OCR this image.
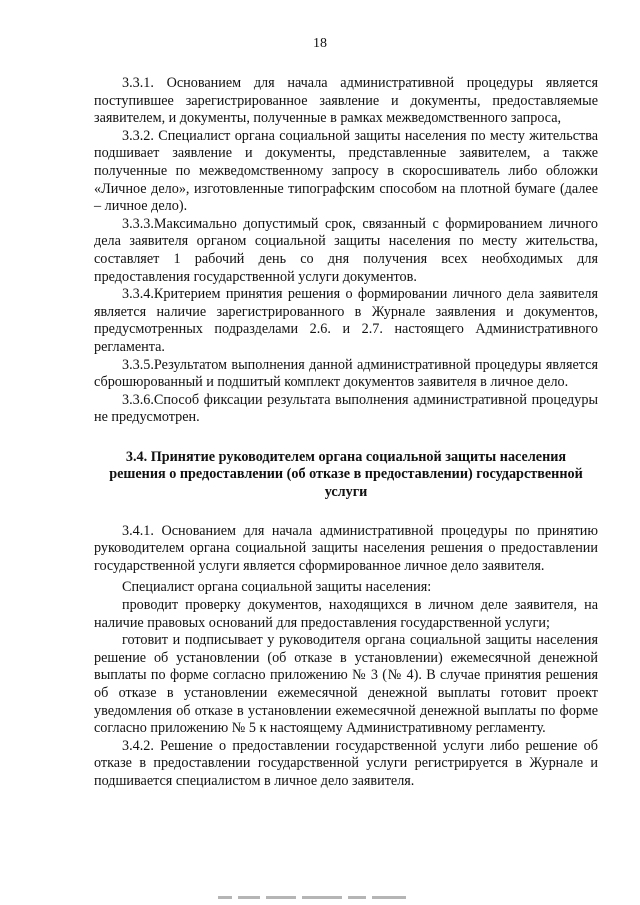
18

3.3.1. Основанием для начала административной процедуры является поступившее зарегистрированное заявление и документы, предоставляемые заявителем, и документы, полученные в рамках межведомственного запроса,

3.3.2. Специалист органа социальной защиты населения по месту жительства подшивает заявление и документы, представленные заявителем, а также полученные по межведомственному запросу в скоросшиватель либо обложки «Личное дело», изготовленные типографским способом на плотной бумаге (далее – личное дело).

3.3.3.Максимально допустимый срок, связанный с формированием личного дела заявителя органом социальной защиты населения по месту жительства, составляет 1 рабочий день со дня получения всех необходимых для предоставления государственной услуги документов.

3.3.4.Критерием принятия решения о формировании личного дела заявителя является наличие зарегистрированного в Журнале заявления и документов, предусмотренных подразделами 2.6. и 2.7. настоящего Административного регламента.

3.3.5.Результатом выполнения данной административной процедуры является сброшюрованный и подшитый комплект документов заявителя в личное дело.

3.3.6.Способ фиксации результата выполнения административной процедуры не предусмотрен.

3.4. Принятие руководителем органа социальной защиты населения решения о предоставлении (об отказе в предоставлении) государственной услуги

3.4.1. Основанием для начала административной процедуры по принятию руководителем органа социальной защиты населения решения о предоставлении государственной услуги является сформированное личное дело заявителя.

Специалист органа социальной защиты населения:

проводит проверку документов, находящихся в личном деле заявителя, на наличие правовых оснований для предоставления государственной услуги;

готовит и подписывает у руководителя органа социальной защиты населения решение об установлении (об отказе в установлении) ежемесячной денежной выплаты по форме согласно приложению № 3 (№ 4). В случае принятия решения об отказе в установлении ежемесячной денежной выплаты готовит проект уведомления об отказе в установлении ежемесячной денежной выплаты по форме согласно приложению № 5 к настоящему Административному регламенту.

3.4.2. Решение о предоставлении государственной услуги либо решение об отказе в предоставлении государственной услуги регистрируется в Журнале и подшивается специалистом в личное дело заявителя.
